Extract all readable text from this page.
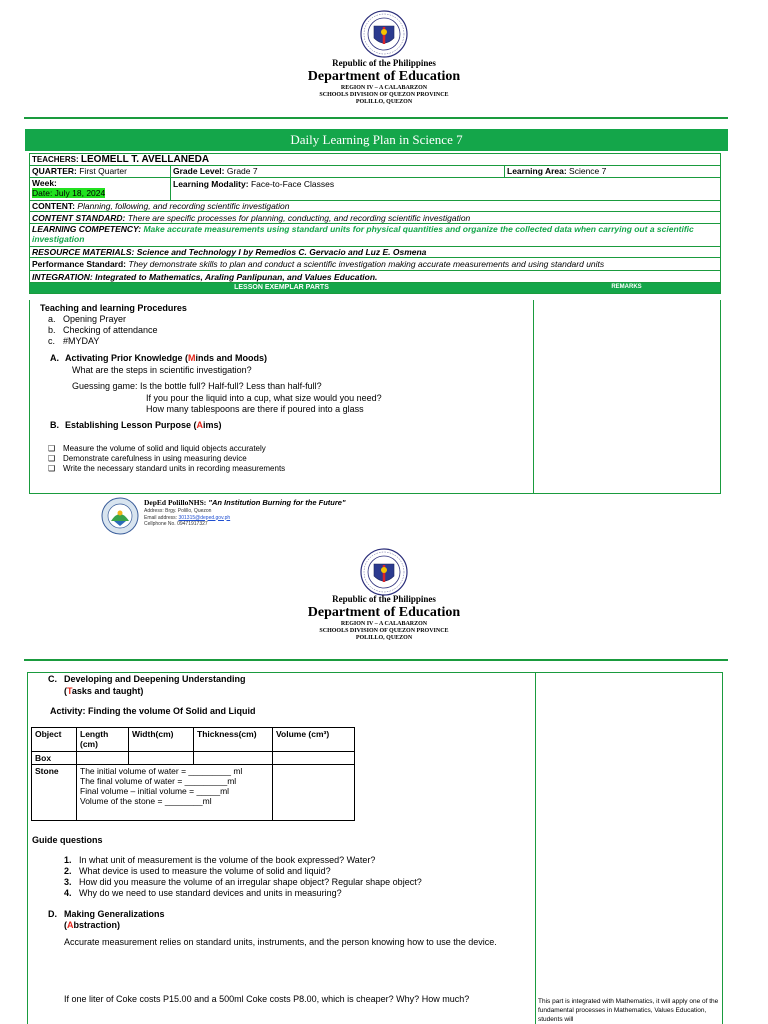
Republic of the Philippines
Department of Education
REGION IV – A CALABARZON
SCHOOLS DIVISION OF QUEZON PROVINCE
POLILLO, QUEZON
Daily Learning Plan in Science 7
TEACHERS: LEOMELL T. AVELLANEDA
QUARTER: First Quarter	Grade Level: Grade 7	Learning Area: Science 7
Week:
Date: July 18, 2024
Learning Modality: Face-to-Face Classes
CONTENT: Planning, following, and recording scientific investigation
CONTENT STANDARD: There are specific processes for planning, conducting, and recording scientific investigation
LEARNING COMPETENCY: Make accurate measurements using standard units for physical quantities and organize the collected data when carrying out a scientific investigation
RESOURCE MATERIALS: Science and Technology I by Remedios C. Gervacio and Luz E. Osmena
Performance Standard: They demonstrate skills to plan and conduct a scientific investigation making accurate measurements and using standard units
INTEGRATION: Integrated to Mathematics, Araling Panlipunan, and Values Education.
LESSON EXEMPLAR PARTS	REMARKS
Teaching and learning Procedures
a. Opening Prayer
b. Checking of attendance
c. #MYDAY
A. Activating Prior Knowledge (Minds and Moods)
What are the steps in scientific investigation?
Guessing game: Is the bottle full? Half-full? Less than half-full?
If you pour the liquid into a cup, what size would you need?
How many tablespoons are there if poured into a glass
B. Establishing Lesson Purpose (Aims)
❑ Measure the volume of solid and liquid objects accurately
❑ Demonstrate carefulness in using measuring device
❑ Write the necessary standard units in recording measurements
DepEd PolilloNHS: "An Institution Burning for the Future"
Address: Brgy. Polillo, Quezon
Email address: 301315@deped.gov.ph
Cellphone No. 09471917327
Republic of the Philippines
Department of Education
REGION IV – A CALABARZON
SCHOOLS DIVISION OF QUEZON PROVINCE
POLILLO, QUEZON
C. Developing and Deepening Understanding
(Tasks and taught)
Activity: Finding the volume Of Solid and Liquid
Object	Length (cm)	Width(cm)	Thickness(cm)	Volume (cm³)
Box				
Stone	The initial volume of water = _________ ml
The final volume of water = _________ml
Final volume – initial volume = _____ml
Volume of the stone = ________ml			

Guide questions
1. In what unit of measurement is the volume of the book expressed? Water?
2. What device is used to measure the volume of solid and liquid?
3. How did you measure the volume of an irregular shape object? Regular shape object?
4. Why do we need to use standard devices and units in measuring?
D. Making Generalizations
(Abstraction)
Accurate measurement relies on standard units, instruments, and the person knowing how to use the device.
If one liter of Coke costs P15.00 and a 500ml Coke costs P8.00, which is cheaper? Why? How much?	This part is integrated with Mathematics, it will apply one of the fundamental processes in Mathematics, Values Education, students will
